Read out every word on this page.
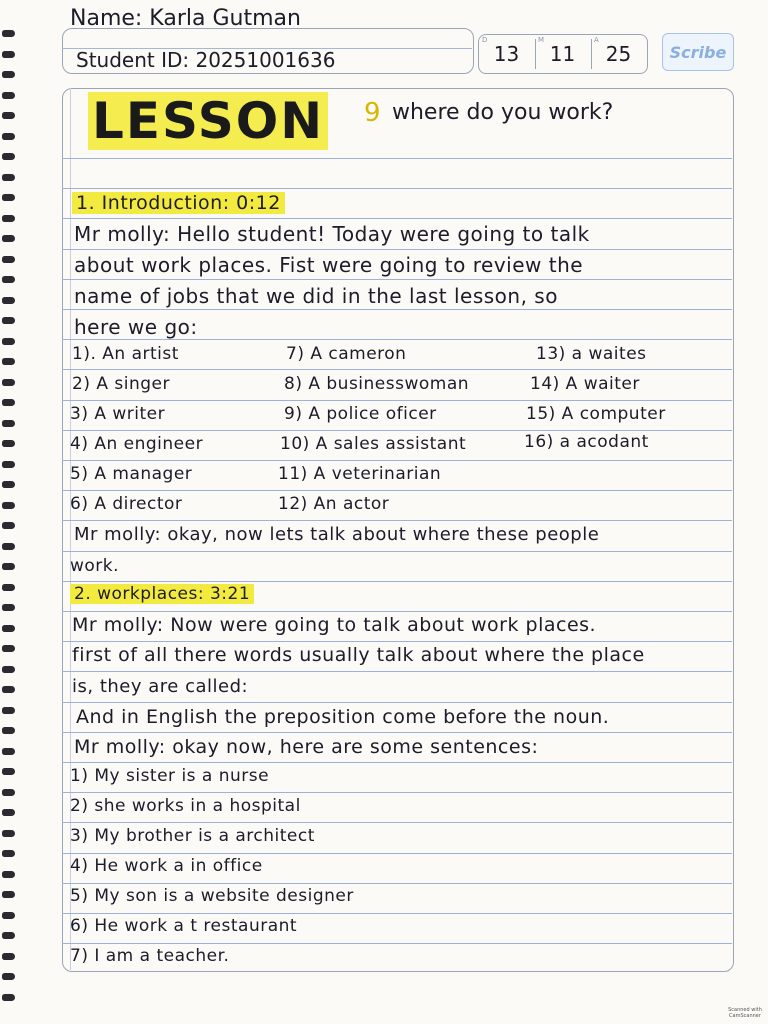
Name: Karla Gutman
Student ID: 20251001636
D
13
M
11
A
25	Scribe
LESSON 9 where do you work?
1. Introduction: 0:12
Mr molly: Hello student! Today were going to talk
about work places. Fist were going to review the
name of jobs that we did in the last lesson, so
here we go:
1). An artist
2) A singer
3) A writer
4) An engineer
5) A manager
6) A director
7) A cameron
8) A businesswoman
9) A police oficer
10) A sales assistant
11) A veterinarian
12) An actor
13) a waites
14) A waiter
15) A computer
16) a acodant
Mr molly: okay, now lets talk about where these people
work.
2. workplaces: 3:21
Mr molly: Now were going to talk about work places.
first of all there words usually talk about where the place
is, they are called:
And in English the preposition come before the noun.
Mr molly: okay now, here are some sentences:
1) My sister is a nurse
2) she works in a hospital
3) My brother is a architect
4) He work a in office
5) My son is a website designer
6) He work a t restaurant
7) I am a teacher.
Scanned with CamScanner
